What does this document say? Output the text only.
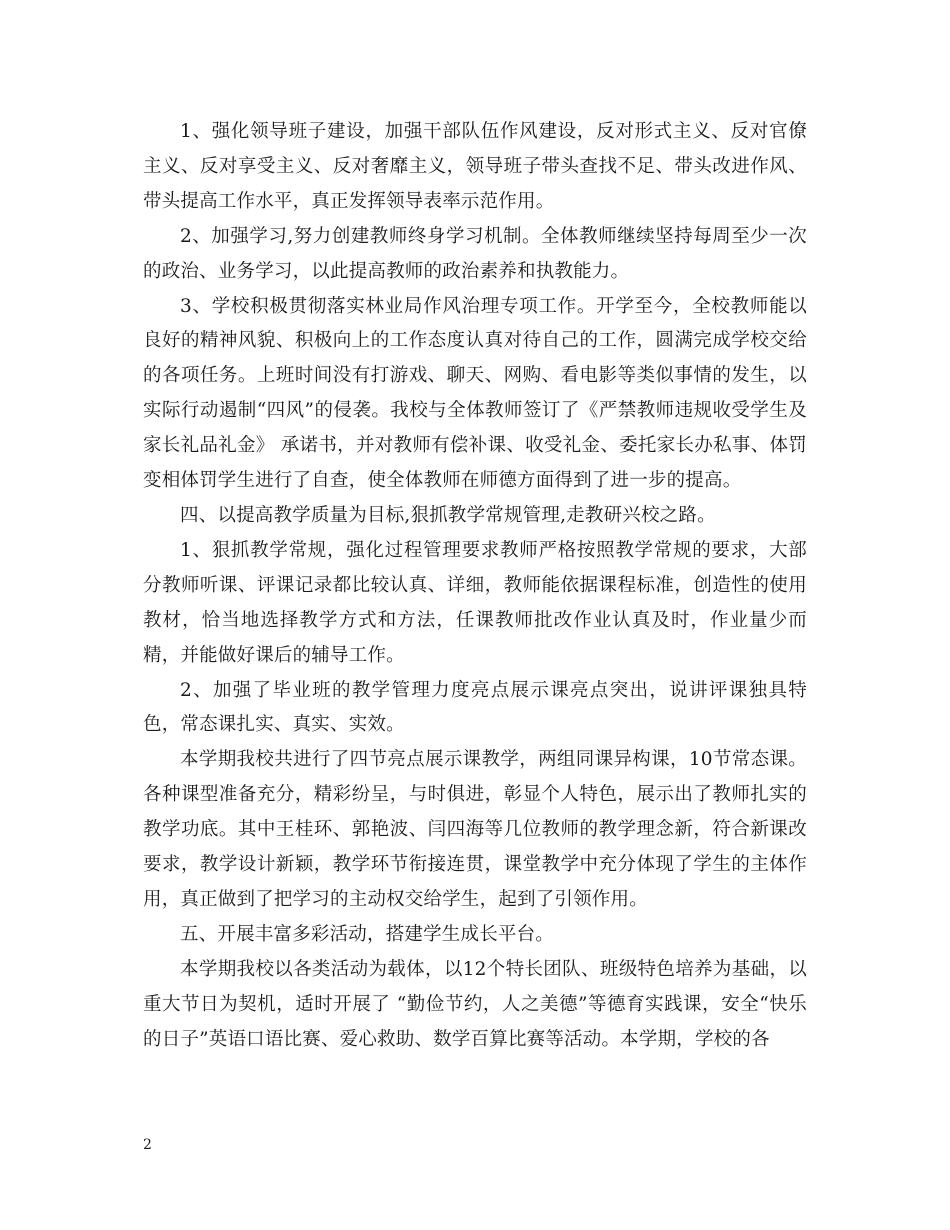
1、强化领导班子建设，加强干部队伍作风建设，反对形式主义、反对官僚主义、反对享受主义、反对奢靡主义，领导班子带头查找不足、带头改进作风、带头提高工作水平，真正发挥领导表率示范作用。

2、加强学习,努力创建教师终身学习机制。全体教师继续坚持每周至少一次的政治、业务学习，以此提高教师的政治素养和执教能力。

3、学校积极贯彻落实林业局作风治理专项工作。开学至今，全校教师能以良好的精神风貌、积极向上的工作态度认真对待自己的工作，圆满完成学校交给的各项任务。上班时间没有打游戏、聊天、网购、看电影等类似事情的发生，以实际行动遏制“四风”的侵袭。我校与全体教师签订了《严禁教师违规收受学生及家长礼品礼金》 承诺书，并对教师有偿补课、收受礼金、委托家长办私事、体罚变相体罚学生进行了自查，使全体教师在师德方面得到了进一步的提高。

四、以提高教学质量为目标,狠抓教学常规管理,走教研兴校之路。

1、狠抓教学常规，强化过程管理要求教师严格按照教学常规的要求，大部分教师听课、评课记录都比较认真、详细，教师能依据课程标准，创造性的使用教材，恰当地选择教学方式和方法，任课教师批改作业认真及时，作业量少而精，并能做好课后的辅导工作。

2、加强了毕业班的教学管理力度亮点展示课亮点突出，说讲评课独具特色，常态课扎实、真实、实效。

本学期我校共进行了四节亮点展示课教学，两组同课异构课，10节常态课。各种课型准备充分，精彩纷呈，与时俱进，彰显个人特色，展示出了教师扎实的教学功底。其中王桂环、郭艳波、闫四海等几位教师的教学理念新，符合新课改要求，教学设计新颖，教学环节衔接连贯，课堂教学中充分体现了学生的主体作用，真正做到了把学习的主动权交给学生，起到了引领作用。

五、开展丰富多彩活动，搭建学生成长平台。

本学期我校以各类活动为载体，以12个特长团队、班级特色培养为基础，以重大节日为契机，适时开展了 “勤俭节约，人之美德”等德育实践课，安全“快乐的日子”英语口语比赛、爱心救助、数学百算比赛等活动。本学期，学校的各

2
